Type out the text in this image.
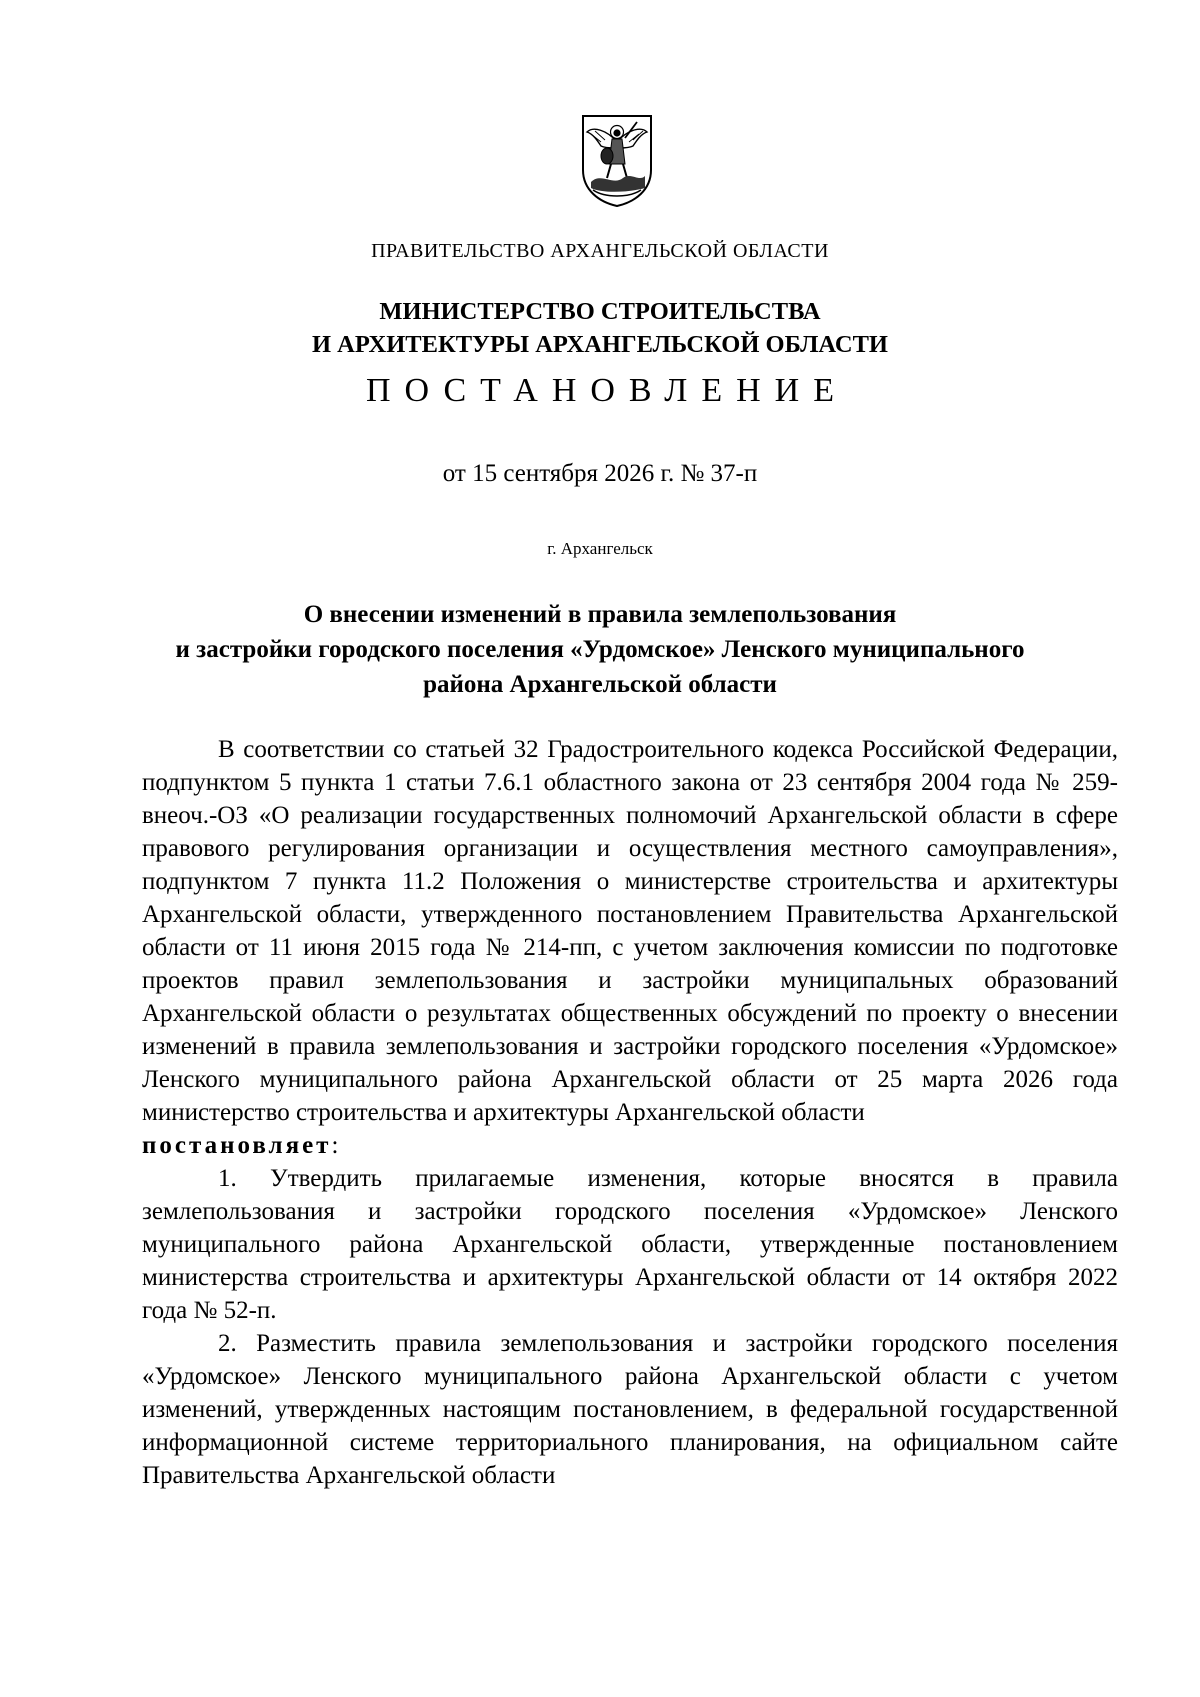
ПРАВИТЕЛЬСТВО АРХАНГЕЛЬСКОЙ ОБЛАСТИ
МИНИСТЕРСТВО СТРОИТЕЛЬСТВА
И АРХИТЕКТУРЫ АРХАНГЕЛЬСКОЙ ОБЛАСТИ
ПОСТАНОВЛЕНИЕ
от 15 сентября 2026 г. № 37-п
г. Архангельск
О внесении изменений в правила землепользования
и застройки городского поселения «Урдомское» Ленского муниципального
района Архангельской области

В соответствии со статьей 32 Градостроительного кодекса Российской Федерации, подпунктом 5 пункта 1 статьи 7.6.1 областного закона от 23 сентября 2004 года № 259-внеоч.-ОЗ «О реализации государственных полномочий Архангельской области в сфере правового регулирования организации и осуществления местного самоуправления», подпунктом 7 пункта 11.2 Положения о министерстве строительства и архитектуры Архангельской области, утвержденного постановлением Правительства Архангельской области от 11 июня 2015 года № 214-пп, с учетом заключения комиссии по подготовке проектов правил землепользования и застройки муниципальных образований Архангельской области о результатах общественных обсуждений по проекту о внесении изменений в правила землепользования и застройки городского поселения «Урдомское» Ленского муниципального района Архангельской области от 25 марта 2026 года министерство строительства и архитектуры Архангельской области

постановляет:

1. Утвердить прилагаемые изменения, которые вносятся в правила землепользования и застройки городского поселения «Урдомское» Ленского муниципального района Архангельской области, утвержденные постановлением министерства строительства и архитектуры Архангельской области от 14 октября 2022 года № 52-п.

2. Разместить правила землепользования и застройки городского поселения «Урдомское» Ленского муниципального района Архангельской области с учетом изменений, утвержденных настоящим постановлением, в федеральной государственной информационной системе территориального планирования, на официальном сайте Правительства Архангельской области
